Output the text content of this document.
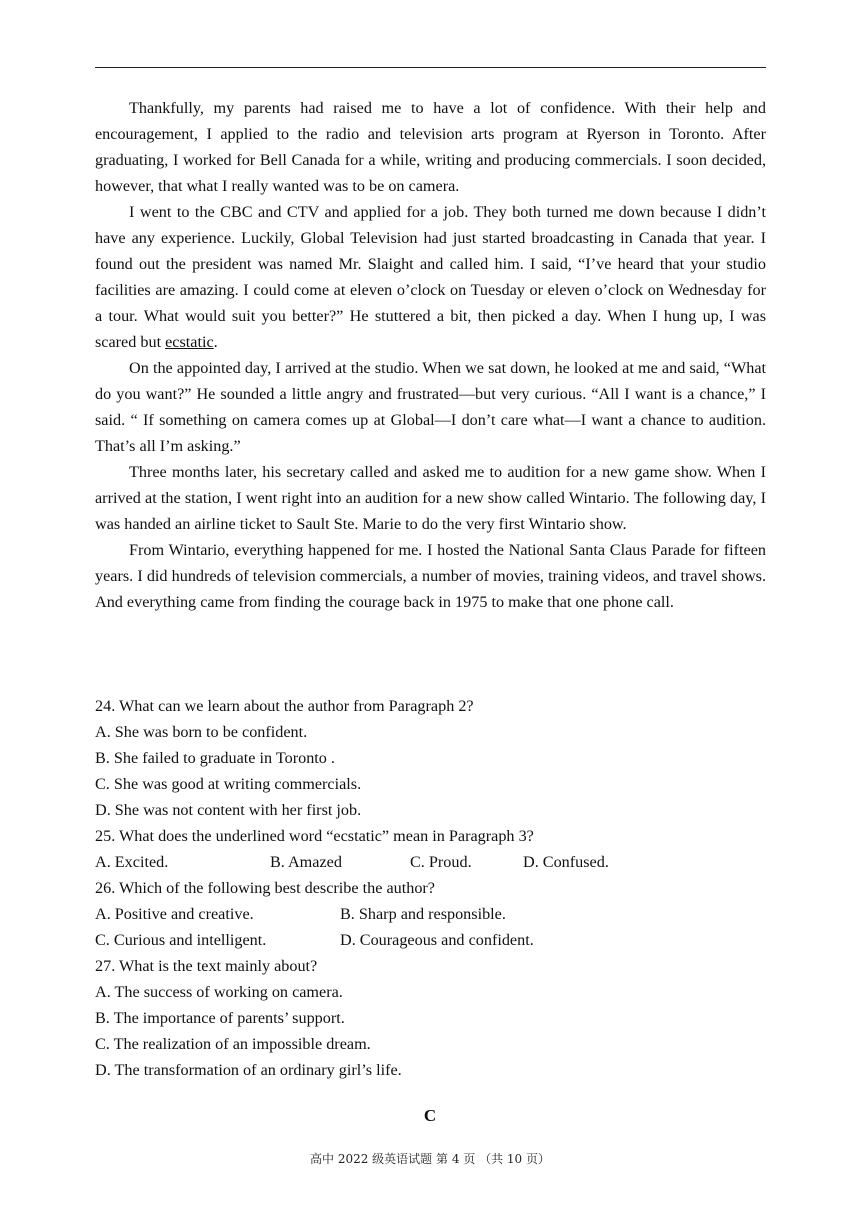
Thankfully, my parents had raised me to have a lot of confidence. With their help and encouragement, I applied to the radio and television arts program at Ryerson in Toronto. After graduating, I worked for Bell Canada for a while, writing and producing commercials. I soon decided, however, that what I really wanted was to be on camera.

I went to the CBC and CTV and applied for a job. They both turned me down because I didn’t have any experience. Luckily, Global Television had just started broadcasting in Canada that year. I found out the president was named Mr. Slaight and called him. I said, “I’ve heard that your studio facilities are amazing. I could come at eleven o’clock on Tuesday or eleven o’clock on Wednesday for a tour. What would suit you better?” He stuttered a bit, then picked a day. When I hung up, I was scared but ecstatic.

On the appointed day, I arrived at the studio. When we sat down, he looked at me and said, “What do you want?” He sounded a little angry and frustrated—but very curious. “All I want is a chance,” I said. “ If something on camera comes up at Global—I don’t care what—I want a chance to audition. That’s all I’m asking.”

Three months later, his secretary called and asked me to audition for a new game show. When I arrived at the station, I went right into an audition for a new show called Wintario. The following day, I was handed an airline ticket to Sault Ste. Marie to do the very first Wintario show.

From Wintario, everything happened for me. I hosted the National Santa Claus Parade for fifteen years. I did hundreds of television commercials, a number of movies, training videos, and travel shows. And everything came from finding the courage back in 1975 to make that one phone call.

24. What can we learn about the author from Paragraph 2?
A. She was born to be confident.
B. She failed to graduate in Toronto .
C. She was good at writing commercials.
D. She was not content with her first job.
25. What does the underlined word “ecstatic” mean in Paragraph 3?
A. Excited.	B. Amazed	C. Proud.	D. Confused.
26. Which of the following best describe the author?
A. Positive and creative.	B. Sharp and responsible.
C. Curious and intelligent.	D. Courageous and confident.
27. What is the text mainly about?
A. The success of working on camera.
B. The importance of parents’ support.
C. The realization of an impossible dream.
D. The transformation of an ordinary girl’s life.
C
高中 2022 级英语试题 第 4 页 （共 10 页）
